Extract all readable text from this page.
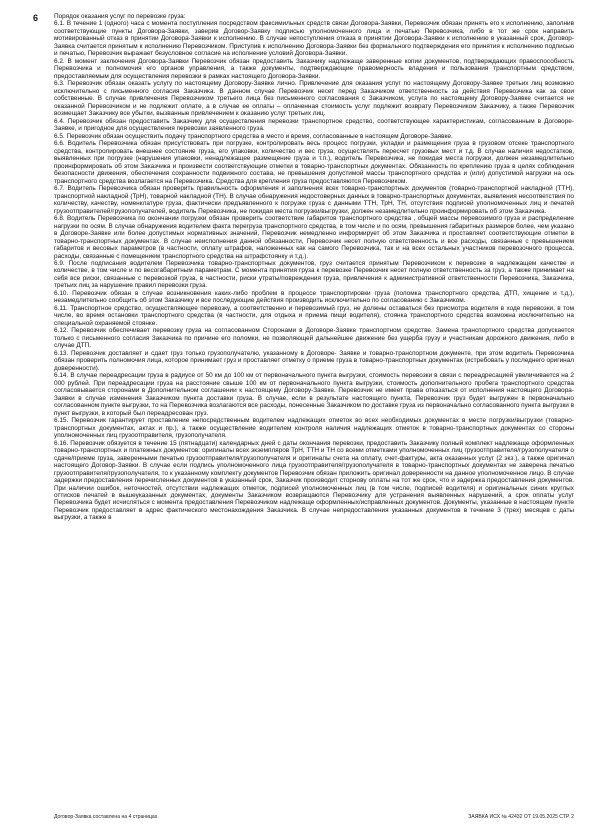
6 Порядок оказания услуг по перевозке груза:

6.1. В течение 1 (одного) часа с момента поступления посредством факсимильных средств связи Договора-Заявки, Перевозчик обязан принять его к исполнению, заполнив соответствующие пункты Договора-Заявки, заверив Договор-Заявку подписью уполномоченного лица и печатью Перевозчика, либо в тот же срок направить мотивированный отказ в принятии Договора-Заявки к исполнению. В случае непоступления отказа в принятии Договора-Заявки к исполнению в указанный срок, Договор-Заявка считается принятым к исполнению Перевозчиком. Приступив к исполнению Договора-Заявки без формального подтверждения его принятия к исполнению подписью и печатью, Перевозчик выражает безусловное согласие на исполнение условий Договора-Заявки.

6.2. В момент заключения Договора-Заявки Перевозчик обязан предоставить Заказчику надлежаще заверенные копии документов, подтверждающих правоспособность Перевозчика и полномочия его органов управления, а также документы, подтверждающие правомерность владения и пользования транспортным средством, предоставляемым для осуществления перевозки в рамках настоящего Договора-Заявки.

6.3. Перевозчик обязан оказать услугу по настоящему Договору-Заявке лично. Привлечение для оказания услуг по настоящему Договору-Заявке третьих лиц возможно исключительно с письменного согласия Заказчика. В данном случае Перевозчик несет перед Заказчиком ответственность за действия Перевозчика как за свои собственные. В случае привлечения Перевозчиком третьего лица без письменного согласования с Заказчиком, услуга по настоящему Договору-Заявке считается не оказанной Перевозчиком и не подлежит оплате, а в случае ее оплаты – оплаченная стоимость услуг подлежит возврату Перевозчиком Заказчику, а также Перевозчик возмещает Заказчику все убытки, вызванные привлечением к оказанию услуг третьих лиц.

6.4. Перевозчик обязан предоставить Заказчику для осуществления перевозки транспортное средство, соответствующее характеристикам, согласованным в Договоре-Заявке, и пригодное для осуществления перевозки заявленного груза.

6.5. Перевозчик обязан осуществить подачу транспортного средства в место и время, согласованные в настоящем Договоре-Заявке.

6.6. Водитель Перевозчика обязан присутствовать при погрузке, контролировать весь процесс погрузки, укладки и размещения груза в грузовом отсеке транспортного средства, контролировать внешнее состояние груза, его упаковки, количество и вес груза, осуществлять пересчет грузовых мест и т.д. В случае наличия недостатков, выявленных при погрузке (нарушения упаковки, ненадлежащее размещение груза и т.п.), водитель Перевозчика, не покидая места погрузки, должен незамедлительно проинформировать об этом Заказчика и произвести соответствующие отметки в товарно-транспортных документах. Обязанность по креплению груза в целях соблюдения безопасности движения, обеспечения сохранности подвижного состава, не превышения допустимой массы транспортного средства и (или) допустимой нагрузки на ось транспортного средства возлагается на Перевозчика. Средства для крепления груза предоставляются Перевозчиком.

6.7. Водитель Перевозчика обязан проверить правильность оформления и заполнения всех товарно-транспортных документов (товарно-транспортной накладной (ТТН), транспортной накладной (ТрН), товарной накладной (ТН). В случае обнаружения недостоверных данных в товарно-транспортных документах, выявления несоответствия по количеству, качеству, номенклатуре груза, фактически предъявленного к погрузке груза с данными ТТН, ТрН, ТН, отсутствия подписей уполномоченных лиц и печатей грузоотправителей/грузополучателей, водитель Перевозчика, не покидая места погрузки/выгрузки, должен незамедлительно проинформировать об этом Заказчика.

6.8. Водитель Перевозчика по окончании погрузки обязан проверить соответствие габаритов транспортного средства , общей массы перевозимого груза и распределение нагрузки по осям. В случае обнаружения водителем факта перегруза транспортного средства, в том числе и по осям, превышения габаритных размеров более, чем указано в Договоре-Заявке или более допустимых нормативных значений, Перевозчик немедленно информирует об этом Заказчика и проставляет соответствующие отметки в товарно-транспортных документах. В случае неисполнения данной обязанности, Перевозчик несет полную ответственность и все расходы, связанные с превышением габаритов и весовых параметров (в частности, оплату штрафов, наложенных как на самого Перевозчика, так и на всех остальных участников перевозочного процесса, расходы, связанные с помещением транспортного средства на штрафстоянку и т.д.).

6.9. После подписания водителем Перевозчика товарно-транспортных документов, груз считается принятым Перевозчиком к перевозке в надлежащем качестве и количестве, в том числе и по весогабаритным параметрам. С момента принятия груза к перевозке Перевозчик несет полную ответственность за груз, а также принимает на себя все риски, связанные с перевозкой груза, в частности, риски утраты/повреждения груза, привлечения к административной ответственности Перевозчика, Заказчика, третьих лиц за нарушение правил перевозки груза.

6.10. Перевозчик обязан в случае возникновения каких-либо проблем в процессе транспортировки груза (поломка транспортного средства, ДТП, хищение и т.д.), незамедлительно сообщить об этом Заказчику и все последующие действия производить исключительно по согласованию с Заказчиком.

6.11. Транспортное средство, осуществляющее перевозку, а соответственно и перевозимый груз, не должны оставаться без присмотра водителя в ходе перевозки, в том числе, во время остановки транспортного средства (в частности, для отдыха и приема пищи водителя), стоянка транспортного средства возможна исключительно на специальной охраняемой стоянке.

6.12. Перевозчик обеспечивает перевозку груза на согласованном Сторонами в Договоре-Заявке транспортном средстве. Замена транспортного средства допускается только с письменного согласия Заказчика по причине его поломки, не позволяющей дальнейшее движение без ущерба грузу и участникам дорожного движения, либо в случае ДТП.

6.13. Перевозчик доставляет и сдает груз только грузополучателю, указанному в Договоре- Заявке и товарно-транспортном документе, при этом водитель Перевозчика обязан проверить полномочия лица, которое принимает груз и проставляет отметку о приеме груза в товарно-транспортных документах (истребовать у последнего оригинал доверенности).

6.14. В случае переадресации груза в радиусе от 50 км до 100 км от первоначального пункта выгрузки, стоимость перевозки в связи с переадресацией увеличивается на 2 000 рублей. При переадресации груза на расстояние свыше 100 км от первоначального пункта выгрузки, стоимость дополнительного пробега транспортного средства согласовывается сторонами в Дополнительном соглашении к настоящему Договору-Заявке. Перевозчик не имеет права отказаться от исполнения настоящего Договора-Заявки в случае изменения Заказчиком пункта доставки груза. В случае, если в результате настоящего пункта, Перевозчик груз будет выгружен в первоначально согласованном пункте выгрузки, то на Перевозчика возлагаются все расходы, понесенные Заказчиком по доставке груза из первоначально согласованного пункта выгрузки в пункт выгрузки, в который был переадресован груз.

6.15. Перевозчик гарантирует проставление непосредственным водителем надлежащих отметок во всех необходимых документах в месте погрузки/выгрузки (товарно-транспортных документах, актах и пр.), а также осуществление водителем контроля наличия надлежащих отметок в товарно-транспортных документах со стороны уполномоченных лиц грузоотправителя, грузополучателя.

6.16. Перевозчик обязуется в течение 15 (пятнадцати) календарных дней с даты окончания перевозки, предоставить Заказчику полный комплект надлежаще оформленных товарно-транспортных и платежных документов: оригиналы всех экземпляров ТрН, ТТН и ТН со всеми отметками уполномоченных лиц грузоотправителя/грузополучателя о сдаче/приеме груза, заверенными печатью грузоотправителя/грузополучателя и оригиналы счета на оплату, счет-фактуры, акта оказанных услуг (2 экз.), а также оригинал настоящего Договор-Заявки. В случае если подпись уполномоченного лица грузоотправителя/грузополучателя в товарно-транспортных документах не заверена печатью грузоотправителя/грузополучателя, то к указанному комплекту документов Перевозчик обязан приложить оригинал доверенности на данное уполномоченное лицо. В случае задержки предоставления перечисленных документов в указанный срок, Заказчик производит сторнову оплаты на тот же срок, что и задержка предоставления документов. При наличии ошибок, неточностей, отсутствии надлежащих отметок, подписей уполномоченных лиц (в том числе, подписей водителя) и оригинальных синих круглых оттисков печатей в вышеуказанных документах, документы Заказчиком возвращаются Перевозчику для устранения выявленных нарушений, а срок оплаты услуг Перевозчика будет исчисляться с момента предоставления Перевозчиком надлежаще оформленных/исправленных документов. Документы, указанные в настоящем пункте Перевозчик предоставляет в адрес фактического местонахождения Заказчика. В случае непредоставления указанных документов в течение 3 (трех) месяцев с даты выгрузки, а также в

Договор-Заявка составлена на 4 страницах	ЗАЯВКА ИСХ № 42432 ОТ 19.05.2025 СТР. 2
